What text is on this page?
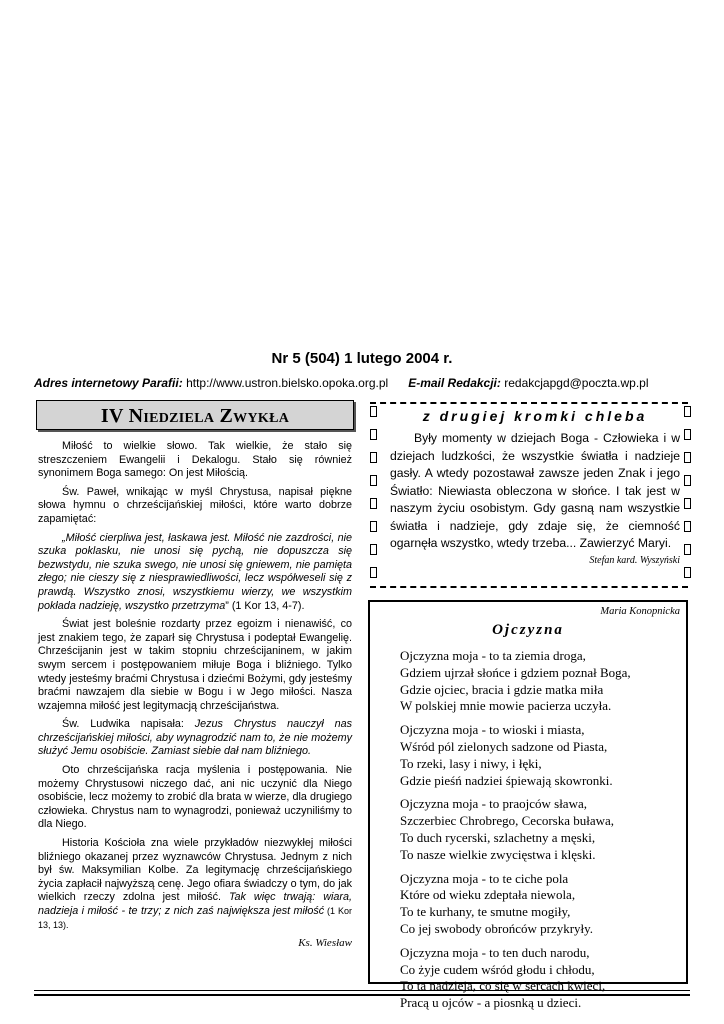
Nr 5 (504) 1 lutego 2004 r.
Adres internetowy Parafii: http://www.ustron.bielsko.opoka.org.pl E-mail Redakcji: redakcjapgd@poczta.wp.pl
IV Niedziela Zwykła

Miłość to wielkie słowo. Tak wielkie, że stało się streszczeniem Ewangelii i Dekalogu. Stało się również synonimem Boga samego: On jest Miłością.

Św. Paweł, wnikając w myśl Chrystusa, napisał piękne słowa hymnu o chrześcijańskiej miłości, które warto dobrze zapamiętać:

„Miłość cierpliwa jest, łaskawa jest. Miłość nie zazdrości, nie szuka poklasku, nie unosi się pychą, nie dopuszcza się bezwstydu, nie szuka swego, nie unosi się gniewem, nie pamięta złego; nie cieszy się z niesprawiedliwości, lecz współweseli się z prawdą. Wszystko znosi, wszystkiemu wierzy, we wszystkim pokłada nadzieję, wszystko przetrzyma” (1 Kor 13, 4-7).

Świat jest boleśnie rozdarty przez egoizm i nienawiść, co jest znakiem tego, że zaparł się Chrystusa i podeptał Ewangelię. Chrześcijanin jest w takim stopniu chrześcijaninem, w jakim swym sercem i postępowaniem miłuje Boga i bliźniego. Tylko wtedy jesteśmy braćmi Chrystusa i dziećmi Bożymi, gdy jesteśmy braćmi nawzajem dla siebie w Bogu i w Jego miłości. Nasza wzajemna miłość jest legitymacją chrześcijaństwa.

Św. Ludwika napisała: Jezus Chrystus nauczył nas chrześcijańskiej miłości, aby wynagrodzić nam to, że nie możemy służyć Jemu osobiście. Zamiast siebie dał nam bliźniego.

Oto chrześcijańska racja myślenia i postępowania. Nie możemy Chrystusowi niczego dać, ani nic uczynić dla Niego osobiście, lecz możemy to zrobić dla brata w wierze, dla drugiego człowieka. Chrystus nam to wynagrodzi, ponieważ uczyniliśmy to dla Niego.

Historia Kościoła zna wiele przykładów niezwykłej miłości bliźniego okazanej przez wyznawców Chrystusa. Jednym z nich był św. Maksymilian Kolbe. Za legitymację chrześcijańskiego życia zapłacił najwyższą cenę. Jego ofiara świadczy o tym, do jak wielkich rzeczy zdolna jest miłość. Tak więc trwają: wiara, nadzieja i miłość - te trzy; z nich zaś największa jest miłość (1 Kor 13, 13).

Ks. Wiesław

z drugiej kromki chleba

Były momenty w dziejach Boga - Człowieka i w dziejach ludzkości, że wszystkie światła i nadzieje gasły. A wtedy pozostawał zawsze jeden Znak i jego Światło: Niewiasta obleczona w słońce. I tak jest w naszym życiu osobistym. Gdy gasną nam wszystkie światła i nadzieje, gdy zdaje się, że ciemność ogarnęła wszystko, wtedy trzeba... Zawierzyć Maryi.

Stefan kard. Wyszyński
Maria Konopnicka
Ojczyzna
Ojczyzna moja - to ta ziemia droga,
Gdziem ujrzał słońce i gdziem poznał Boga,
Gdzie ojciec, bracia i gdzie matka miła
W polskiej mnie mowie pacierza uczyła.
Ojczyzna moja - to wioski i miasta,
Wśród pól zielonych sadzone od Piasta,
To rzeki, lasy i niwy, i łęki,
Gdzie pieśń nadziei śpiewają skowronki.
Ojczyzna moja - to praojców sława,
Szczerbiec Chrobrego, Cecorska buława,
To duch rycerski, szlachetny a męski,
To nasze wielkie zwycięstwa i klęski.
Ojczyzna moja - to te ciche pola
Które od wieku zdeptała niewola,
To te kurhany, te smutne mogiły,
Co jej swobody obrońców przykryły.
Ojczyzna moja - to ten duch narodu,
Co żyje cudem wśród głodu i chłodu,
To ta nadzieja, co się w sercach kwieci,
Pracą u ojców - a piosnką u dzieci.
